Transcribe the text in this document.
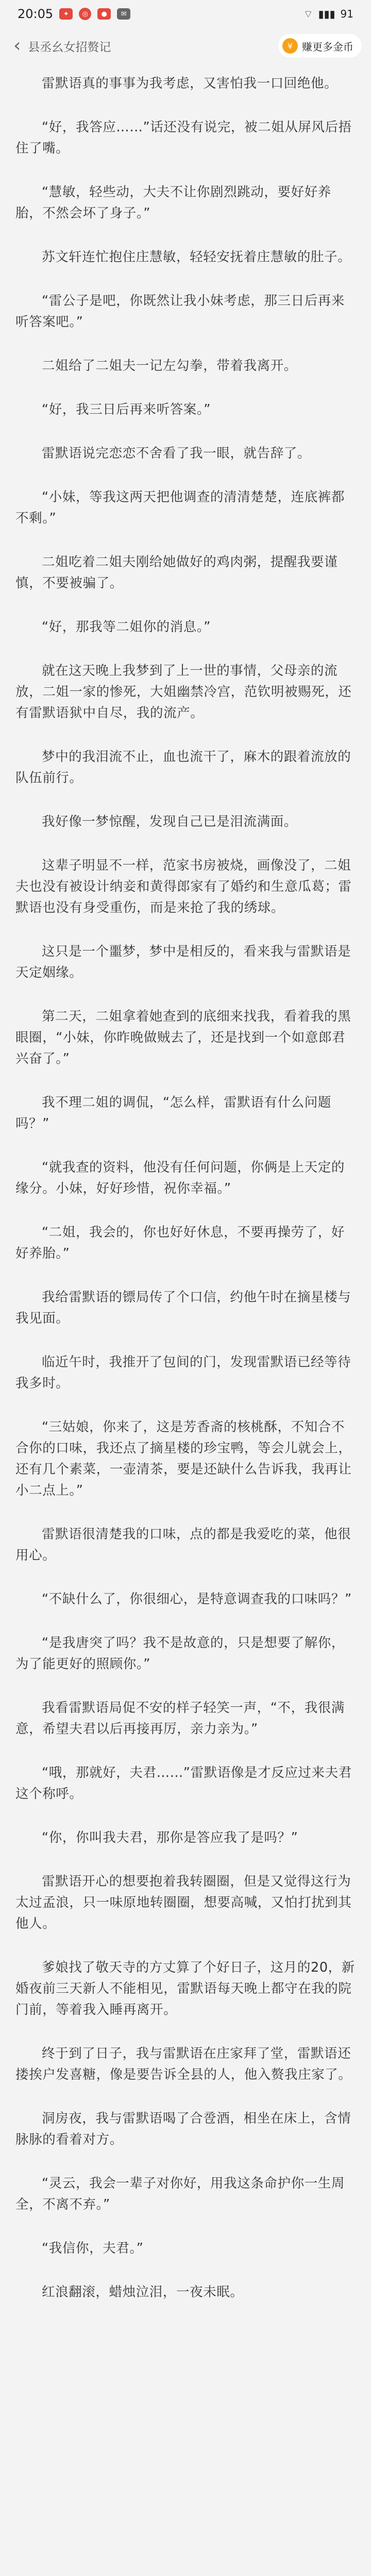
20:05	✦	◎	●	✉	⌔ ▮▮▮ 91
‹ 县丞幺女招赘记	¥ 赚更多金币

雷默语真的事事为我考虑，又害怕我一口回绝他。

“好，我答应……”话还没有说完，被二姐从屏风后捂住了嘴。

“慧敏，轻些动，大夫不让你剧烈跳动，要好好养胎，不然会坏了身子。”

苏文轩连忙抱住庄慧敏，轻轻安抚着庄慧敏的肚子。

“雷公子是吧，你既然让我小妹考虑，那三日后再来听答案吧。”

二姐给了二姐夫一记左勾拳，带着我离开。

“好，我三日后再来听答案。”

雷默语说完恋恋不舍看了我一眼，就告辞了。

“小妹，等我这两天把他调查的清清楚楚，连底裤都不剩。”

二姐吃着二姐夫刚给她做好的鸡肉粥，提醒我要谨慎，不要被骗了。

“好，那我等二姐你的消息。”

就在这天晚上我梦到了上一世的事情，父母亲的流放，二姐一家的惨死，大姐幽禁冷宫，范钦明被赐死，还有雷默语狱中自尽，我的流产。

梦中的我泪流不止，血也流干了，麻木的跟着流放的队伍前行。

我好像一梦惊醒，发现自己已是泪流满面。

这辈子明显不一样，范家书房被烧，画像没了，二姐夫也没有被设计纳妾和黄得郎家有了婚约和生意瓜葛；雷默语也没有身受重伤，而是来抢了我的绣球。

这只是一个噩梦，梦中是相反的，看来我与雷默语是天定姻缘。

第二天，二姐拿着她查到的底细来找我，看着我的黑眼圈，“小妹，你昨晚做贼去了，还是找到一个如意郎君兴奋了。”

我不理二姐的调侃，“怎么样，雷默语有什么问题吗？”

“就我查的资料，他没有任何问题，你俩是上天定的缘分。小妹，好好珍惜，祝你幸福。”

“二姐，我会的，你也好好休息，不要再操劳了，好好养胎。”

我给雷默语的镖局传了个口信，约他午时在摘星楼与我见面。

临近午时，我推开了包间的门，发现雷默语已经等待我多时。

“三姑娘，你来了，这是芳香斋的核桃酥，不知合不合你的口味，我还点了摘星楼的珍宝鸭，等会儿就会上，还有几个素菜，一壶清茶，要是还缺什么告诉我，我再让小二点上。”

雷默语很清楚我的口味，点的都是我爱吃的菜，他很用心。

“不缺什么了，你很细心，是特意调查我的口味吗？”

“是我唐突了吗？我不是故意的，只是想要了解你，为了能更好的照顾你。”

我看雷默语局促不安的样子轻笑一声，“不，我很满意，希望夫君以后再接再厉，亲力亲为。”

“哦，那就好，夫君……”雷默语像是才反应过来夫君这个称呼。

“你，你叫我夫君，那你是答应我了是吗？”

雷默语开心的想要抱着我转圈圈，但是又觉得这行为太过孟浪，只一味原地转圈圈，想要高喊，又怕打扰到其他人。

爹娘找了敬天寺的方丈算了个好日子，这月的20，新婚夜前三天新人不能相见，雷默语每天晚上都守在我的院门前，等着我入睡再离开。

终于到了日子，我与雷默语在庄家拜了堂，雷默语还搂挨户发喜糖，像是要告诉全县的人，他入赘我庄家了。

洞房夜，我与雷默语喝了合卺酒，相坐在床上，含情脉脉的看着对方。

“灵云，我会一辈子对你好，用我这条命护你一生周全，不离不弃。”

“我信你，夫君。”

红浪翻滚，蜡烛泣泪，一夜未眠。
